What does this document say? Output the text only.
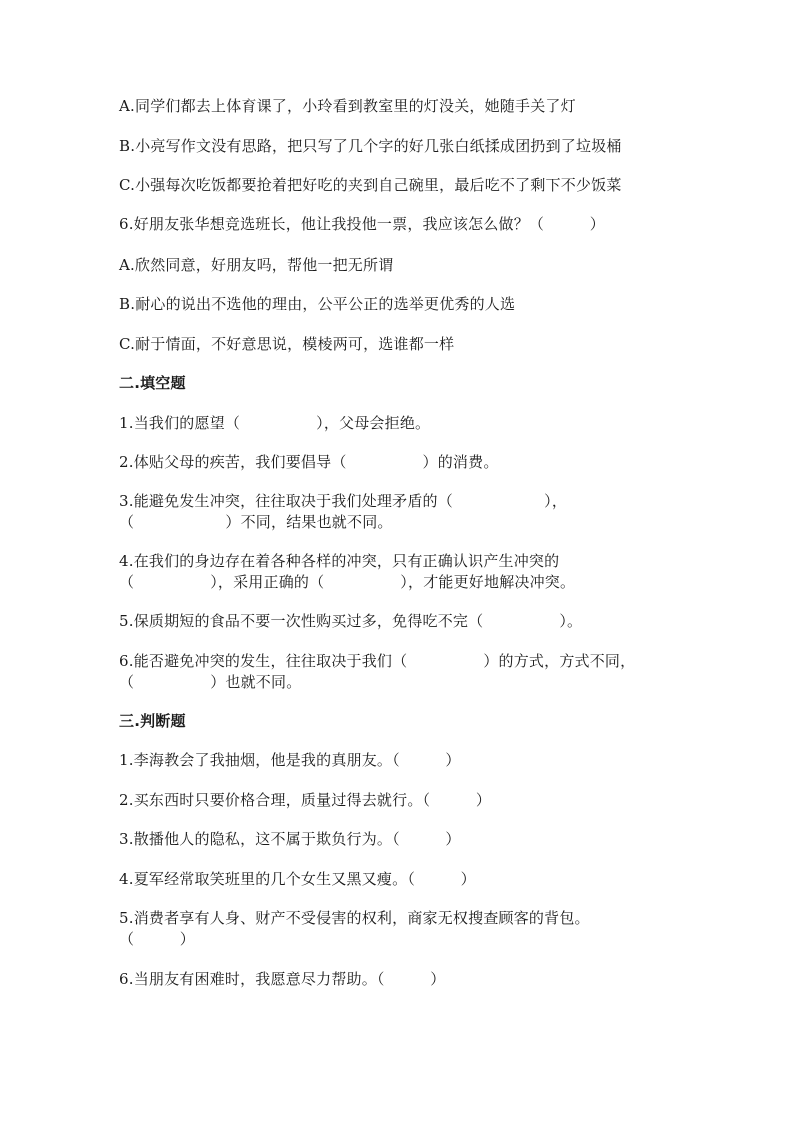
A.同学们都去上体育课了，小玲看到教室里的灯没关，她随手关了灯
B.小亮写作文没有思路，把只写了几个字的好几张白纸揉成团扔到了垃圾桶
C.小强每次吃饭都要抢着把好吃的夹到自己碗里，最后吃不了剩下不少饭菜
6.好朋友张华想竞选班长，他让我投他一票，我应该怎么做？（　　　）
A.欣然同意，好朋友吗，帮他一把无所谓
B.耐心的说出不选他的理由，公平公正的选举更优秀的人选
C.耐于情面，不好意思说，模棱两可，选谁都一样
二.填空题
1.当我们的愿望（　　　　　），父母会拒绝。
2.体贴父母的疾苦，我们要倡导（　　　　　）的消费。
3.能避免发生冲突，往往取决于我们处理矛盾的（　　　　　　），
（　　　　　　）不同，结果也就不同。
4.在我们的身边存在着各种各样的冲突，只有正确认识产生冲突的
（　　　　　），采用正确的（　　　　　），才能更好地解决冲突。
5.保质期短的食品不要一次性购买过多，免得吃不完（　　　　　）。
6.能否避免冲突的发生，往往取决于我们（　　　　　）的方式，方式不同，
（　　　　　）也就不同。
三.判断题
1.李海教会了我抽烟，他是我的真朋友。（　　　）
2.买东西时只要价格合理，质量过得去就行。（　　　）
3.散播他人的隐私，这不属于欺负行为。（　　　）
4.夏军经常取笑班里的几个女生又黑又瘦。（　　　）
5.消费者享有人身、财产不受侵害的权利，商家无权搜查顾客的背包。
（　　　）
6.当朋友有困难时，我愿意尽力帮助。（　　　）
